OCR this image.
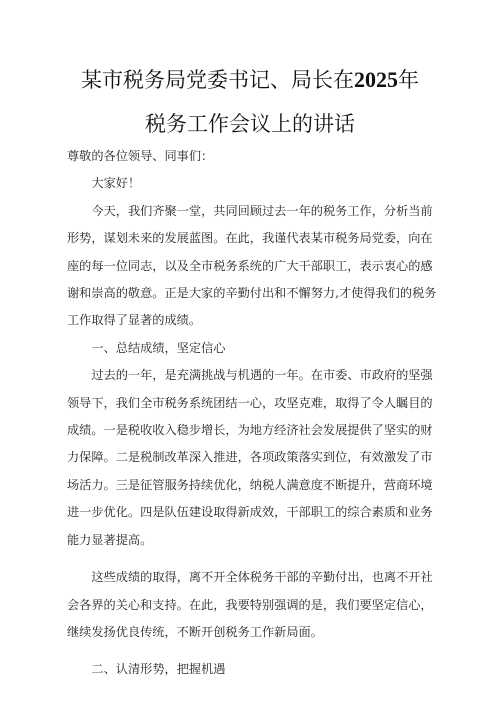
某市税务局党委书记、局长在2025年
税务工作会议上的讲话
尊敬的各位领导、同事们：
大家好！
今天，我们齐聚一堂，共同回顾过去一年的税务工作，分析当前
形势，谋划未来的发展蓝图。在此，我谨代表某市税务局党委，向在
座的每一位同志，以及全市税务系统的广大干部职工，表示衷心的感
谢和崇高的敬意。正是大家的辛勤付出和不懈努力,才使得我们的税务
工作取得了显著的成绩。
一、总结成绩，坚定信心
过去的一年，是充满挑战与机遇的一年。在市委、市政府的坚强
领导下，我们全市税务系统团结一心，攻坚克难，取得了令人瞩目的
成绩。一是税收收入稳步增长，为地方经济社会发展提供了坚实的财
力保障。二是税制改革深入推进，各项政策落实到位，有效激发了市
场活力。三是征管服务持续优化，纳税人满意度不断提升，营商环境
进一步优化。四是队伍建设取得新成效，干部职工的综合素质和业务
能力显著提高。
这些成绩的取得，离不开全体税务干部的辛勤付出，也离不开社
会各界的关心和支持。在此，我要特别强调的是，我们要坚定信心，
继续发扬优良传统，不断开创税务工作新局面。
二、认清形势，把握机遇
